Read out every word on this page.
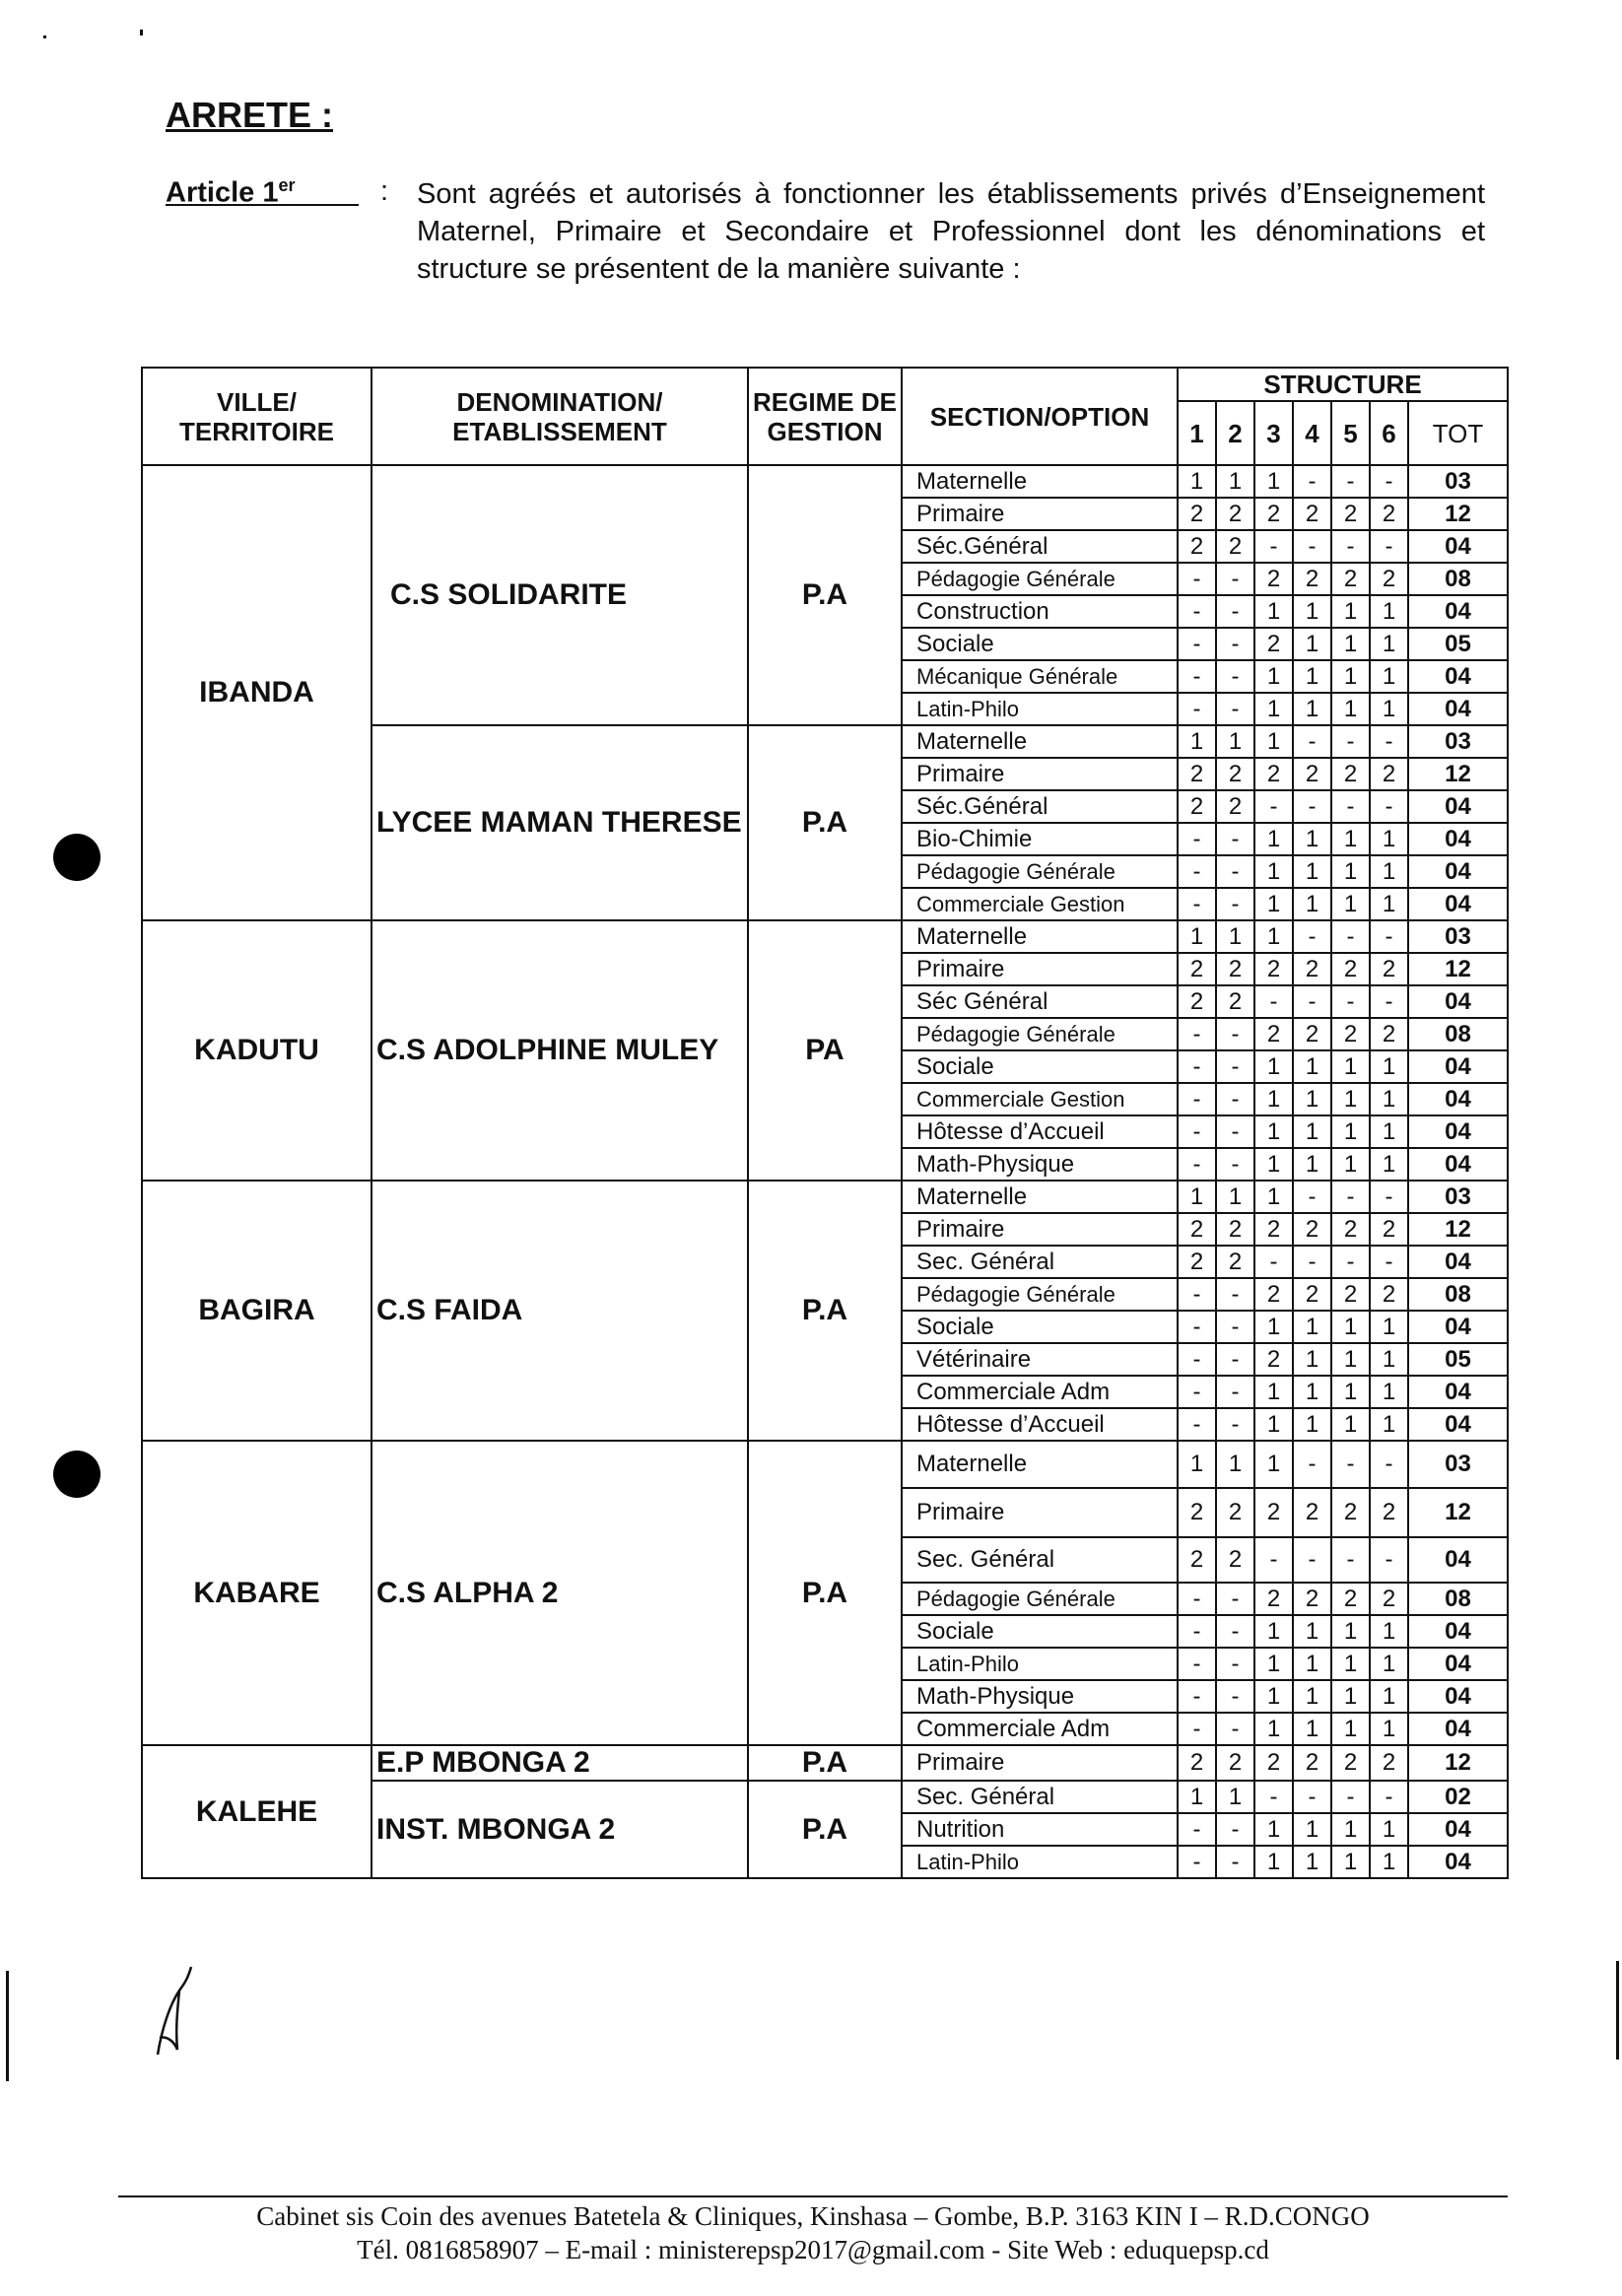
ARRETE :
Article 1er	: Sont agréés et autorisés à fonctionner les établissements privés d’Enseignement Maternel, Primaire et Secondaire et Professionnel dont les dénominations et structure se présentent de la manière suivante :
VILLE/ TERRITOIRE	DENOMINATION/ ETABLISSEMENT	REGIME DE GESTION	SECTION/OPTION	STRUCTURE						
				1	2	3	4	5	6	TOT
IBANDA	C.S SOLIDARITE	P.A	Maternelle	1	1	1	-	-	-	03
			Primaire	2	2	2	2	2	2	12
			Séc.Général	2	2	-	-	-	-	04
			Pédagogie Générale	-	-	2	2	2	2	08
			Construction	-	-	1	1	1	1	04
			Sociale	-	-	2	1	1	1	05
			Mécanique Générale	-	-	1	1	1	1	04
			Latin-Philo	-	-	1	1	1	1	04
	LYCEE MAMAN THERESE	P.A	Maternelle	1	1	1	-	-	-	03
			Primaire	2	2	2	2	2	2	12
			Séc.Général	2	2	-	-	-	-	04
			Bio-Chimie	-	-	1	1	1	1	04
			Pédagogie Générale	-	-	1	1	1	1	04
			Commerciale Gestion	-	-	1	1	1	1	04
KADUTU	C.S ADOLPHINE MULEY	PA	Maternelle	1	1	1	-	-	-	03
			Primaire	2	2	2	2	2	2	12
			Séc Général	2	2	-	-	-	-	04
			Pédagogie Générale	-	-	2	2	2	2	08
			Sociale	-	-	1	1	1	1	04
			Commerciale Gestion	-	-	1	1	1	1	04
			Hôtesse d’Accueil	-	-	1	1	1	1	04
			Math-Physique	-	-	1	1	1	1	04
BAGIRA	C.S FAIDA	P.A	Maternelle	1	1	1	-	-	-	03
			Primaire	2	2	2	2	2	2	12
			Sec. Général	2	2	-	-	-	-	04
			Pédagogie Générale	-	-	2	2	2	2	08
			Sociale	-	-	1	1	1	1	04
			Vétérinaire	-	-	2	1	1	1	05
			Commerciale Adm	-	-	1	1	1	1	04
			Hôtesse d’Accueil	-	-	1	1	1	1	04
KABARE	C.S ALPHA 2	P.A	Maternelle	1	1	1	-	-	-	03
			Primaire	2	2	2	2	2	2	12
			Sec. Général	2	2	-	-	-	-	04
			Pédagogie Générale	-	-	2	2	2	2	08
			Sociale	-	-	1	1	1	1	04
			Latin-Philo	-	-	1	1	1	1	04
			Math-Physique	-	-	1	1	1	1	04
			Commerciale Adm	-	-	1	1	1	1	04
KALEHE	E.P MBONGA 2	P.A	Primaire	2	2	2	2	2	2	12
	INST. MBONGA 2	P.A	Sec. Général	1	1	-	-	-	-	02
			Nutrition	-	-	1	1	1	1	04
			Latin-Philo	-	-	1	1	1	1	04
Cabinet sis Coin des avenues Batetela & Cliniques, Kinshasa – Gombe, B.P. 3163 KIN I – R.D.CONGO
Tél. 0816858907 – E-mail : ministerepsp2017@gmail.com - Site Web : eduquepsp.cd
